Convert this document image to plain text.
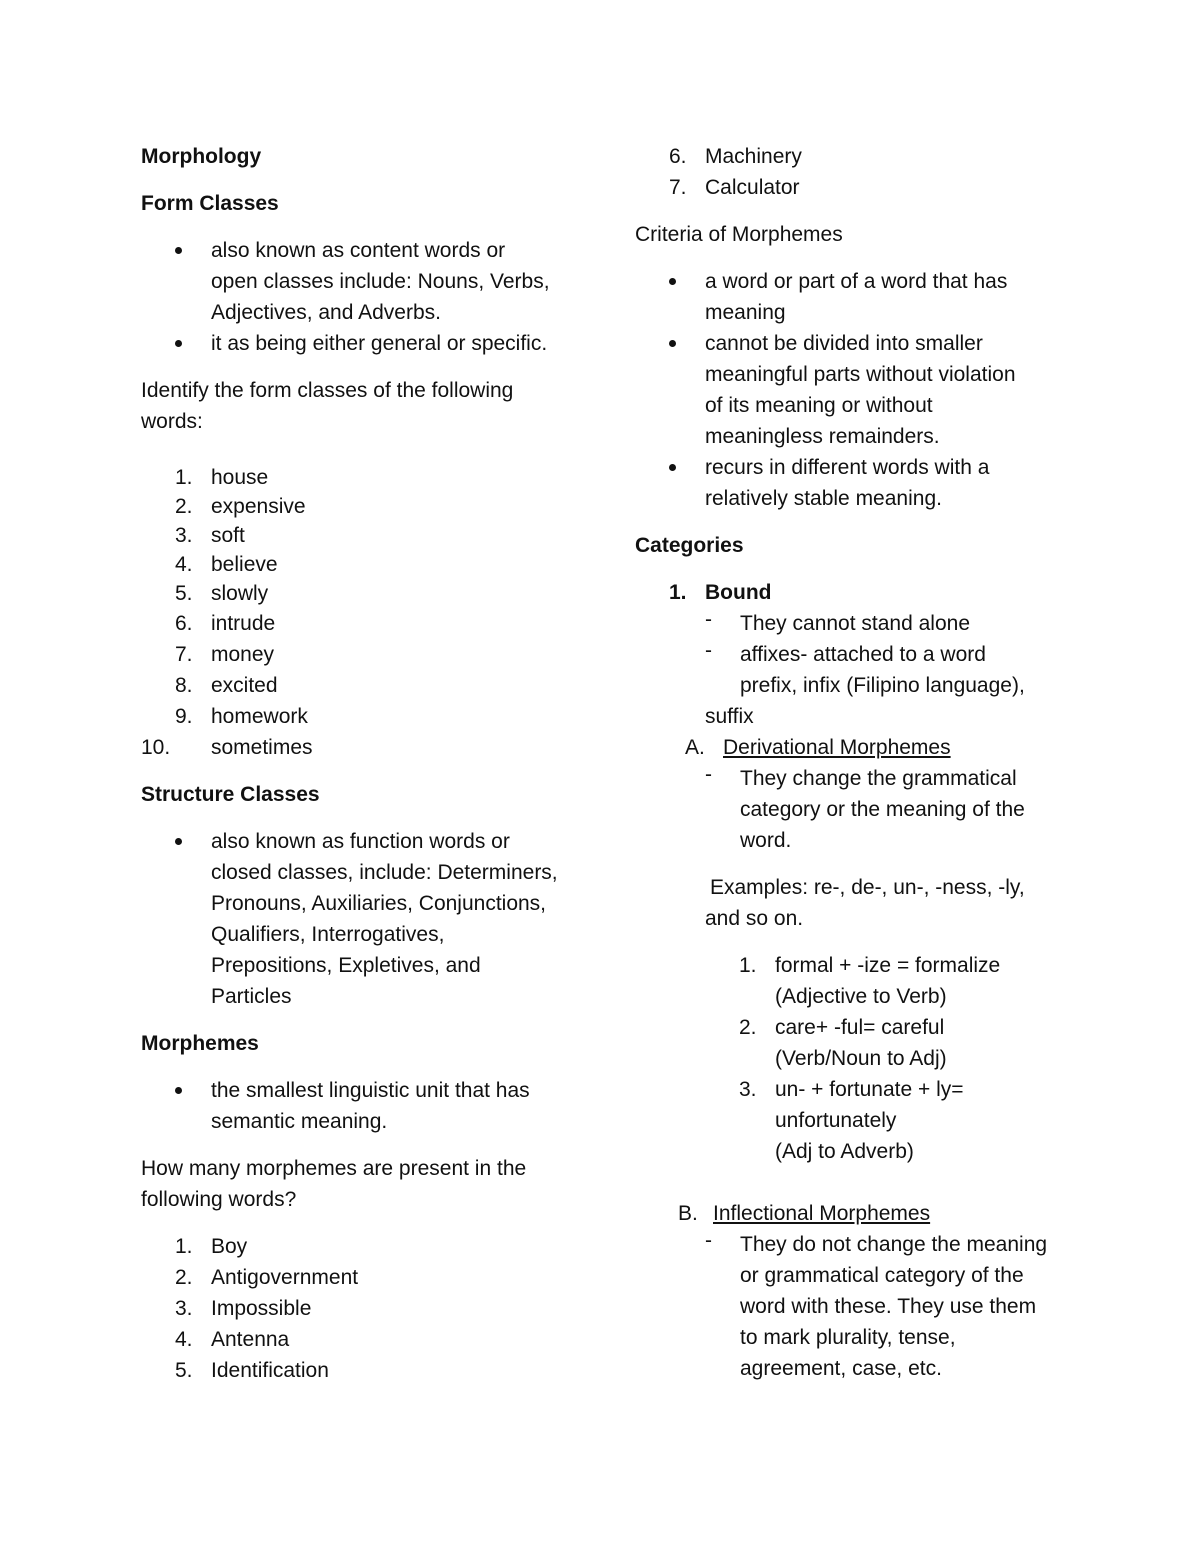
Morphology
Form Classes
also known as content words or
open classes include: Nouns, Verbs,
Adjectives, and Adverbs.
it as being either general or specific.
Identify the form classes of the following
words:
1. house
2. expensive
3. soft
4. believe
5. slowly
6. intrude
7. money
8. excited
9. homework
10. sometimes
Structure Classes
also known as function words or
closed classes, include: Determiners,
Pronouns, Auxiliaries, Conjunctions,
Qualifiers, Interrogatives,
Prepositions, Expletives, and
Particles
Morphemes
the smallest linguistic unit that has
semantic meaning.
How many morphemes are present in the
following words?
1. Boy
2. Antigovernment
3. Impossible
4. Antenna
5. Identification
6. Machinery
7. Calculator
Criteria of Morphemes
a word or part of a word that has
meaning
cannot be divided into smaller
meaningful parts without violation
of its meaning or without
meaningless remainders.
recurs in different words with a
relatively stable meaning.
Categories
1. Bound
- They cannot stand alone
- affixes- attached to a word
prefix, infix (Filipino language),
suffix
A. Derivational Morphemes
- They change the grammatical
category or the meaning of the
word.
Examples: re-, de-, un-, -ness, -ly,
and so on.
1. formal + -ize = formalize
(Adjective to Verb)
2. care+ -ful= careful
(Verb/Noun to Adj)
3. un- + fortunate + ly=
unfortunately
(Adj to Adverb)
B. Inflectional Morphemes
- They do not change the meaning
or grammatical category of the
word with these. They use them
to mark plurality, tense,
agreement, case, etc.
